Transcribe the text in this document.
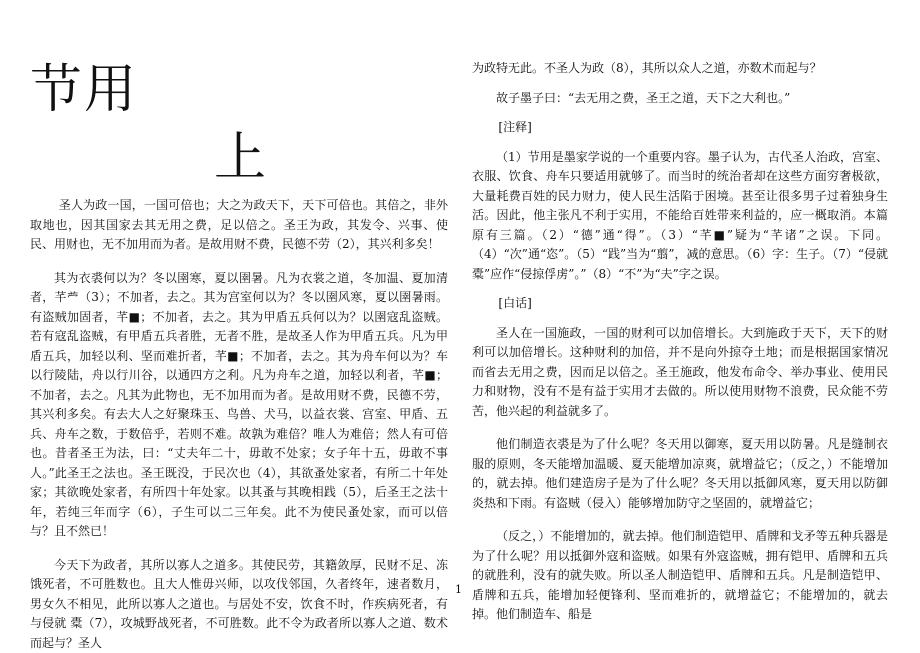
节用
上

圣人为政一国，一国可倍也；大之为政天下，天下可倍也。其倍之，非外取地也，因其国家去其无用之费，足以倍之。圣王为政，其发令、兴事、使民、用财也，无不加用而为者。是故用财不费，民德不劳（2），其兴利多矣！

其为衣裘何以为？冬以圉寒，夏以圉暑。凡为衣裳之道，冬加温、夏加清者，芊𫇦（3）；不加者，去之。其为宫室何以为？冬以圉风寒，夏以圉暑雨。有盗贼加固者，芊■；不加者，去之。其为甲盾五兵何以为？以圉寇乱盗贼。若有寇乱盗贼，有甲盾五兵者胜，无者不胜，是故圣人作为甲盾五兵。凡为甲盾五兵，加轻以利、坚而难折者，芊■；不加者，去之。其为舟车何以为？车以行陵陆，舟以行川谷，以通四方之利。凡为舟车之道，加轻以利者，芊■；不加者，去之。凡其为此物也，无不加用而为者。是故用财不费，民德不劳，其兴利多矣。有去大人之好聚珠玉、鸟兽、犬马，以益衣裳、宫室、甲盾、五兵、舟车之数，于数倍乎，若则不难。故孰为难倍？唯人为难倍；然人有可倍也。昔者圣王为法，曰：“丈夫年二十，毋敢不处家；女子年十五，毋敢不事人。”此圣王之法也。圣王既没，于民次也（4），其欲蚤处家者，有所二十年处家；其欲晚处家者，有所四十年处家。以其蚤与其晚相践（5），后圣王之法十年，若纯三年而字（6），子生可以二三年矣。此不为使民蚤处家，而可以倍与？且不然已！

今天下为政者，其所以寡人之道多。其使民劳，其籍敛厚，民财不足、冻饿死者，不可胜数也。且大人惟毋兴师，以攻伐邻国，久者终年，速者数月，男女久不相见，此所以寡人之道也。与居处不安，饮食不时，作疾病死者，有与侵就 橐（7），攻城野战死者，不可胜数。此不令为政者所以寡人之道、数术而起与？圣人

为政特无此。不圣人为政（8），其所以众人之道，亦数术而起与？

故子墨子曰：“去无用之费，圣王之道，天下之大利也。”

[注释]

（1）节用是墨家学说的一个重要内容。墨子认为，古代圣人治政，宫室、衣服、饮食、舟车只要适用就够了。而当时的统治者却在这些方面穷奢极欲，大量耗费百姓的民力财力，使人民生活陷于困境。甚至让很多男子过着独身生活。因此，他主张凡不利于实用，不能给百姓带来利益的，应一概取消。本篇原有三篇。（2）“德”通“得”。（3）“芊■”疑为“芊诸”之误。下同。（4）“次”通“恣”。（5）“践”当为“翦”，减的意思。（6）字：生子。（7）“侵就 橐”应作“侵掠俘虏”。”（8）“不”为“夫”字之误。

[白话]

圣人在一国施政，一国的财利可以加倍增长。大到施政于天下，天下的财利可以加倍增长。这种财利的加倍，并不是向外掠夺土地；而是根据国家情况而省去无用之费，因而足以倍之。圣王施政，他发布命令、举办事业、使用民力和财物，没有不是有益于实用才去做的。所以使用财物不浪费，民众能不劳苦，他兴起的利益就多了。

他们制造衣裘是为了什么呢？冬天用以御寒，夏天用以防暑。凡是缝制衣服的原则，冬天能增加温暖、夏天能增加凉爽，就增益它；（反之，）不能增加的，就去掉。他们建造房子是为了什么呢？冬天用以抵御风寒，夏天用以防御炎热和下雨。有盗贼（侵入）能够增加防守之坚固的，就增益它；

（反之，）不能增加的，就去掉。他们制造铠甲、盾牌和戈矛等五种兵器是为了什么呢？用以抵御外寇和盗贼。如果有外寇盗贼，拥有铠甲、盾牌和五兵的就胜利，没有的就失败。所以圣人制造铠甲、盾牌和五兵。凡是制造铠甲、盾牌和五兵，能增加轻便锋利、坚而难折的，就增益它；不能增加的，就去掉。他们制造车、船是

1
